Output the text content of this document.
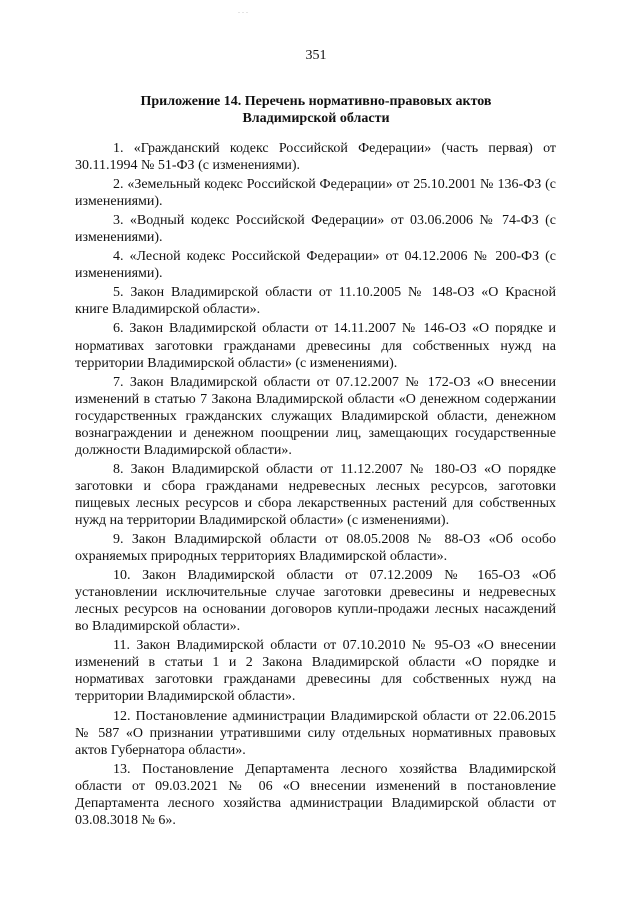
. . .
351
Приложение 14. Перечень нормативно-правовых актов
Владимирской области

1. «Гражданский кодекс Российской Федерации» (часть первая) от 30.11.1994 № 51-ФЗ (с изменениями).

2. «Земельный кодекс Российской Федерации» от 25.10.2001 № 136-ФЗ (с изменениями).

3. «Водный кодекс Российской Федерации» от 03.06.2006 № 74-ФЗ (с изменениями).

4. «Лесной кодекс Российской Федерации» от 04.12.2006 № 200-ФЗ (с изменениями).

5. Закон Владимирской области от 11.10.2005 № 148-ОЗ «О Красной книге Владимирской области».

6. Закон Владимирской области от 14.11.2007 № 146-ОЗ «О порядке и нормативах заготовки гражданами древесины для собственных нужд на территории Владимирской области» (с изменениями).

7. Закон Владимирской области от 07.12.2007 № 172-ОЗ «О внесении изменений в статью 7 Закона Владимирской области «О денежном содержании государственных гражданских служащих Владимирской области, денежном вознаграждении и денежном поощрении лиц, замещающих государственные должности Владимирской области».

8. Закон Владимирской области от 11.12.2007 № 180-ОЗ «О порядке заготовки и сбора гражданами недревесных лесных ресурсов, заготовки пищевых лесных ресурсов и сбора лекарственных растений для собственных нужд на территории Владимирской области» (с изменениями).

9. Закон Владимирской области от 08.05.2008 № 88-ОЗ «Об особо охраняемых природных территориях Владимирской области».

10. Закон Владимирской области от 07.12.2009 № 165-ОЗ «Об установлении исключительные случае заготовки древесины и недревесных лесных ресурсов на основании договоров купли-продажи лесных насаждений во Владимирской области».

11. Закон Владимирской области от 07.10.2010 № 95-ОЗ «О внесении изменений в статьи 1 и 2 Закона Владимирской области «О порядке и нормативах заготовки гражданами древесины для собственных нужд на территории Владимирской области».

12. Постановление администрации Владимирской области от 22.06.2015 № 587 «О признании утратившими силу отдельных нормативных правовых актов Губернатора области».

13. Постановление Департамента лесного хозяйства Владимирской области от 09.03.2021 № 06 «О внесении изменений в постановление Департамента лесного хозяйства администрации Владимирской области от 03.08.3018 № 6».
